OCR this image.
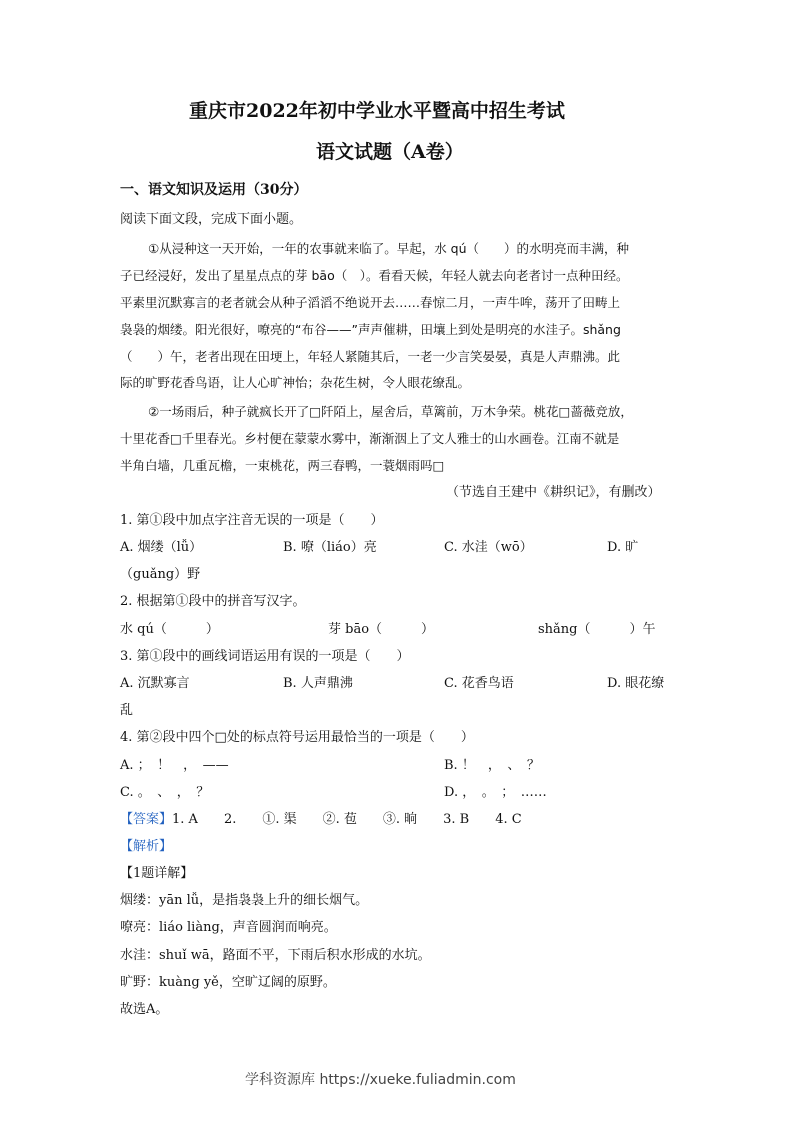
重庆市2022年初中学业水平暨高中招生考试
语文试题（A卷）
一、语文知识及运用（30分）
阅读下面文段，完成下面小题。
①从浸种这一天开始，一年的农事就来临了。早起，水 qú（　　）的水明亮而丰满，种
子已经浸好，发出了星星点点的芽 bāo（　）。看看天候，年轻人就去向老者讨一点种田经。
平素里沉默寡言的老者就会从种子滔滔不绝说开去……春惊二月，一声牛哞，荡开了田畴上
袅袅的烟缕。阳光很好，嘹亮的“布谷——”声声催耕，田壤上到处是明亮的水洼子。shǎng
（　　）午，老者出现在田埂上，年轻人紧随其后，一老一少言笑晏晏，真是人声鼎沸。此
际的旷野花香鸟语，让人心旷神怡；杂花生树，令人眼花缭乱。
②一场雨后，种子就疯长开了□阡陌上，屋舍后，草篱前，万木争荣。桃花□蔷薇竞放，
十里花香□千里春光。乡村便在蒙蒙水雾中，渐渐洇上了文人雅士的山水画卷。江南不就是
半角白墙，几重瓦檐，一束桃花，两三春鸭，一蓑烟雨吗□
（节选自王建中《耕织记》，有删改）
1. 第①段中加点字注音无误的一项是（　　）
A. 烟缕（lǚ）	B. 嘹（liáo）亮	C. 水洼（wō）	D. 旷
（guǎng）野
2. 根据第①段中的拼音写汉字。
水 qú（　　　）	芽 bāo（　　　）	shǎng（　　　）午
3. 第①段中的画线词语运用有误的一项是（　　）
A. 沉默寡言	B. 人声鼎沸	C. 花香鸟语	D. 眼花缭
乱
4. 第②段中四个□处的标点符号运用最恰当的一项是（　　）
A. ；　！　，　——	B. ！　，　、　？
C. 。　、　，　？	D. ，　。　；　……
【答案】1. A　　2.　　①. 渠　　②. 苞　　③. 晌　　3. B　　4. C
【解析】
【1题详解】
烟缕：yān lǚ，是指袅袅上升的细长烟气。
嘹亮：liáo liàng，声音圆润而响亮。
水洼：shuǐ wā，路面不平，下雨后积水形成的水坑。
旷野：kuàng yě，空旷辽阔的原野。
故选A。
学科资源库 https://xueke.fuliadmin.com
